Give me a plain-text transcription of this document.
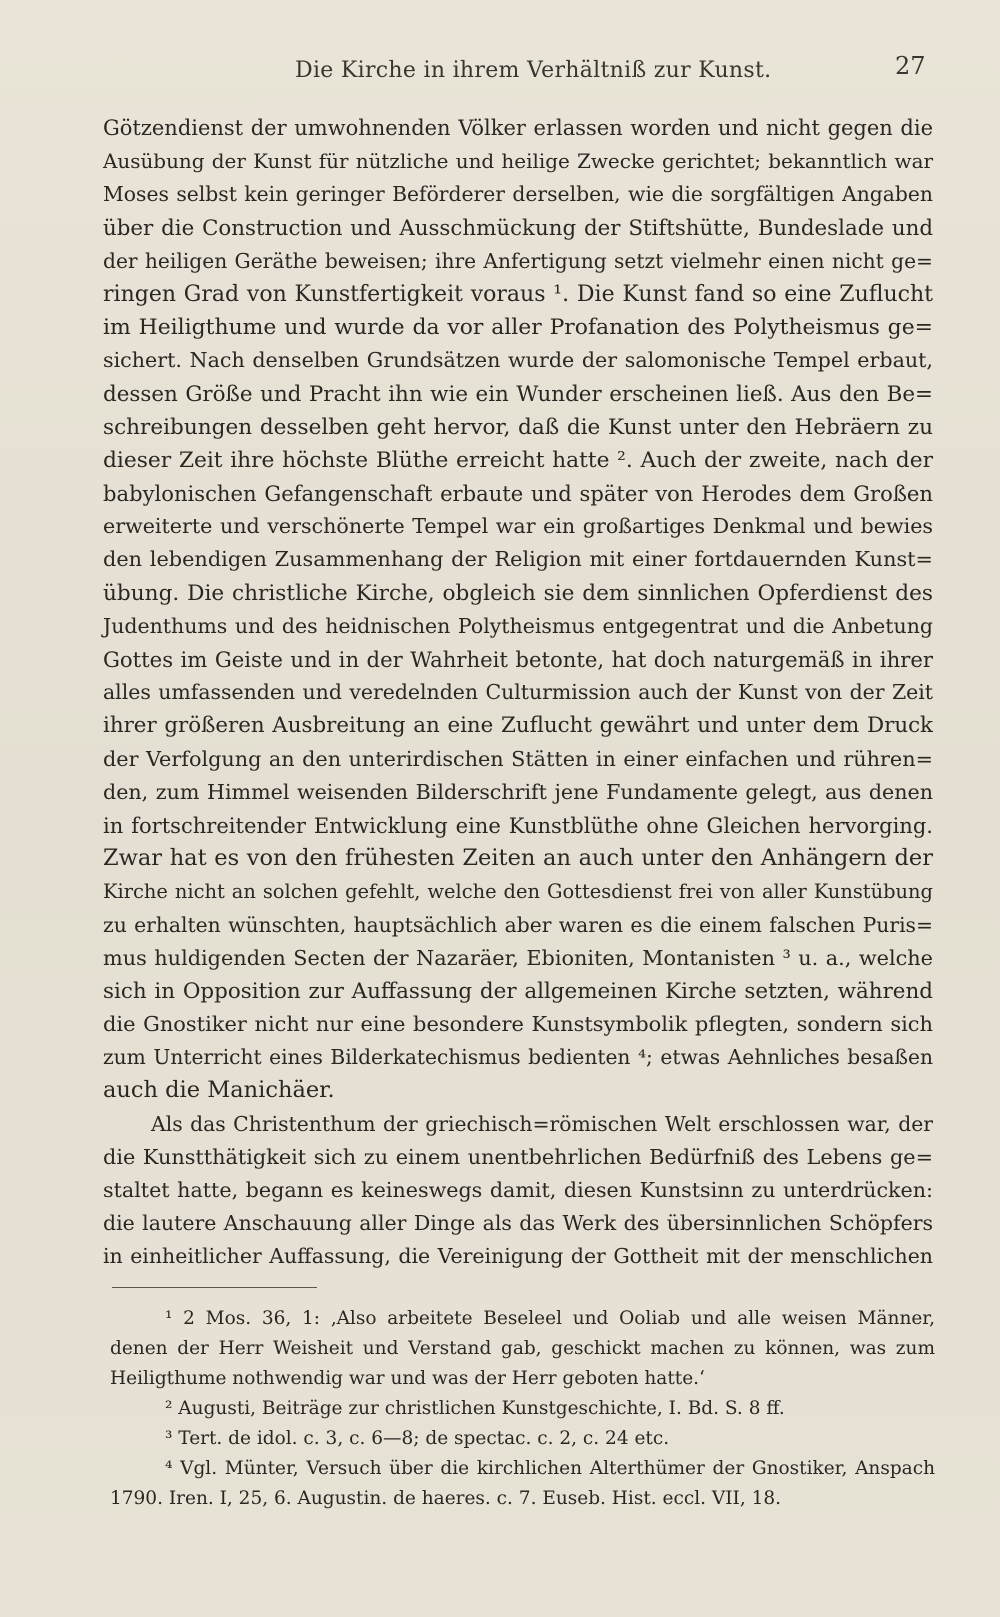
Die Kirche in ihrem Verhältniß zur Kunst.	27
Götzendienst der umwohnenden Völker erlassen worden und nicht gegen die
Ausübung der Kunst für nützliche und heilige Zwecke gerichtet; bekanntlich war
Moses selbst kein geringer Beförderer derselben, wie die sorgfältigen Angaben
über die Construction und Ausschmückung der Stiftshütte, Bundeslade und
der heiligen Geräthe beweisen; ihre Anfertigung setzt vielmehr einen nicht ge=
ringen Grad von Kunstfertigkeit voraus ¹. Die Kunst fand so eine Zuflucht
im Heiligthume und wurde da vor aller Profanation des Polytheismus ge=
sichert. Nach denselben Grundsätzen wurde der salomonische Tempel erbaut,
dessen Größe und Pracht ihn wie ein Wunder erscheinen ließ. Aus den Be=
schreibungen desselben geht hervor, daß die Kunst unter den Hebräern zu
dieser Zeit ihre höchste Blüthe erreicht hatte ². Auch der zweite, nach der
babylonischen Gefangenschaft erbaute und später von Herodes dem Großen
erweiterte und verschönerte Tempel war ein großartiges Denkmal und bewies
den lebendigen Zusammenhang der Religion mit einer fortdauernden Kunst=
übung. Die christliche Kirche, obgleich sie dem sinnlichen Opferdienst des
Judenthums und des heidnischen Polytheismus entgegentrat und die Anbetung
Gottes im Geiste und in der Wahrheit betonte, hat doch naturgemäß in ihrer
alles umfassenden und veredelnden Culturmission auch der Kunst von der Zeit
ihrer größeren Ausbreitung an eine Zuflucht gewährt und unter dem Druck
der Verfolgung an den unterirdischen Stätten in einer einfachen und rühren=
den, zum Himmel weisenden Bilderschrift jene Fundamente gelegt, aus denen
in fortschreitender Entwicklung eine Kunstblüthe ohne Gleichen hervorging.
Zwar hat es von den frühesten Zeiten an auch unter den Anhängern der
Kirche nicht an solchen gefehlt, welche den Gottesdienst frei von aller Kunstübung
zu erhalten wünschten, hauptsächlich aber waren es die einem falschen Puris=
mus huldigenden Secten der Nazaräer, Ebioniten, Montanisten ³ u. a., welche
sich in Opposition zur Auffassung der allgemeinen Kirche setzten, während
die Gnostiker nicht nur eine besondere Kunstsymbolik pflegten, sondern sich
zum Unterricht eines Bilderkatechismus bedienten ⁴; etwas Aehnliches besaßen
auch die Manichäer.
Als das Christenthum der griechisch=römischen Welt erschlossen war, der
die Kunstthätigkeit sich zu einem unentbehrlichen Bedürfniß des Lebens ge=
staltet hatte, begann es keineswegs damit, diesen Kunstsinn zu unterdrücken:
die lautere Anschauung aller Dinge als das Werk des übersinnlichen Schöpfers
in einheitlicher Auffassung, die Vereinigung der Gottheit mit der menschlichen
¹ 2 Mos. 36, 1: ‚Also arbeitete Beseleel und Ooliab und alle weisen Männer,
denen der Herr Weisheit und Verstand gab, geschickt machen zu können, was zum
Heiligthume nothwendig war und was der Herr geboten hatte.‘
² Augusti, Beiträge zur christlichen Kunstgeschichte, I. Bd. S. 8 ff.
³ Tert. de idol. c. 3, c. 6—8; de spectac. c. 2, c. 24 etc.
⁴ Vgl. Münter, Versuch über die kirchlichen Alterthümer der Gnostiker, Anspach
1790. Iren. I, 25, 6. Augustin. de haeres. c. 7. Euseb. Hist. eccl. VII, 18.
